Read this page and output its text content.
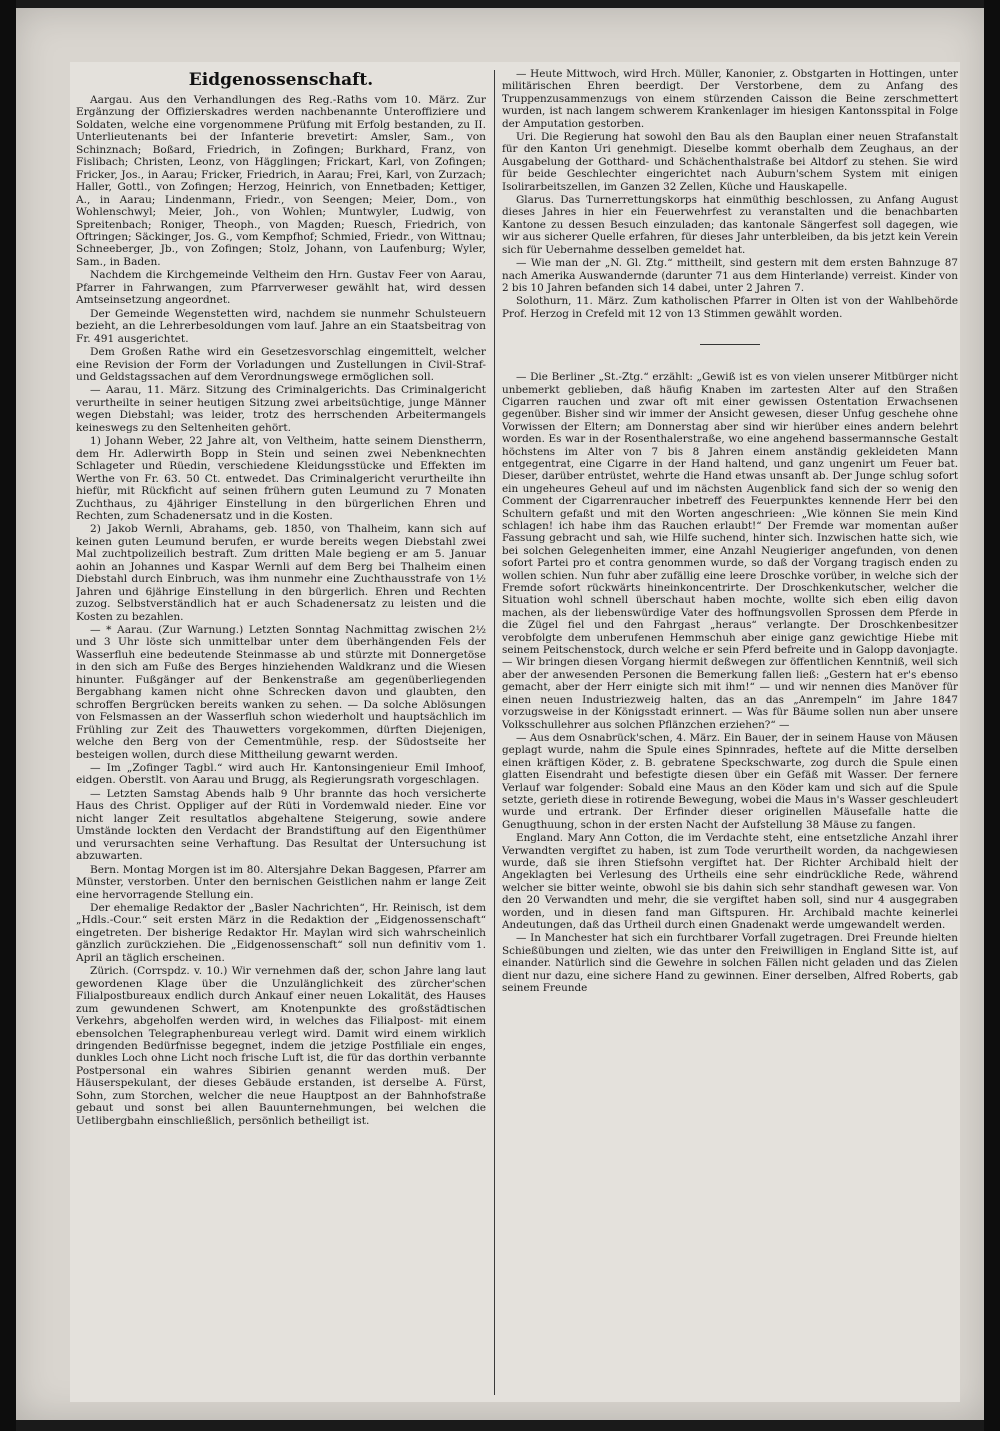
Eidgenossenschaft.

Aargau. Aus den Verhandlungen des Reg.-Raths vom 10. März. Zur Ergänzung der Offizierskadres werden nachbenannte Unteroffiziere und Soldaten, welche eine vorgenommene Prüfung mit Erfolg bestanden, zu II. Unterlieutenants bei der Infanterie brevetirt: Amsler, Sam., von Schinznach; Boßard, Friedrich, in Zofingen; Burkhard, Franz, von Fislibach; Christen, Leonz, von Hägglingen; Frickart, Karl, von Zofingen; Fricker, Jos., in Aarau; Fricker, Friedrich, in Aarau; Frei, Karl, von Zurzach; Haller, Gottl., von Zofingen; Herzog, Heinrich, von Ennetbaden; Kettiger, A., in Aarau; Lindenmann, Friedr., von Seengen; Meier, Dom., von Wohlenschwyl; Meier, Joh., von Wohlen; Muntwyler, Ludwig, von Spreitenbach; Roniger, Theoph., von Magden; Ruesch, Friedrich, von Oftringen; Säckinger, Jos. G., vom Kempfhof; Schmied, Friedr., von Wittnau; Schneeberger, Jb., von Zofingen; Stolz, Johann, von Laufenburg; Wyler, Sam., in Baden.

Nachdem die Kirchgemeinde Veltheim den Hrn. Gustav Feer von Aarau, Pfarrer in Fahrwangen, zum Pfarrverweser gewählt hat, wird dessen Amtseinsetzung angeordnet.

Der Gemeinde Wegenstetten wird, nachdem sie nunmehr Schulsteuern bezieht, an die Lehrerbesoldungen vom lauf. Jahre an ein Staatsbeitrag von Fr. 491 ausgerichtet.

Dem Großen Rathe wird ein Gesetzesvorschlag eingemittelt, welcher eine Revision der Form der Vorladungen und Zustellungen in Civil-Straf- und Geldstagssachen auf dem Verordnungswege ermöglichen soll.

— Aarau, 11. März. Sitzung des Criminalgerichts. Das Criminalgericht verurtheilte in seiner heutigen Sitzung zwei arbeitsüchtige, junge Männer wegen Diebstahl; was leider, trotz des herrschenden Arbeitermangels keineswegs zu den Seltenheiten gehört.

1) Johann Weber, 22 Jahre alt, von Veltheim, hatte seinem Dienstherrn, dem Hr. Adlerwirth Bopp in Stein und seinen zwei Nebenknechten Schlageter und Rüedin, verschiedene Kleidungsstücke und Effekten im Werthe von Fr. 63. 50 Ct. entwedet. Das Criminalgericht verurtheilte ihn hiefür, mit Rückficht auf seinen frühern guten Leumund zu 7 Monaten Zuchthaus, zu 4jähriger Einstellung in den bürgerlichen Ehren und Rechten, zum Schadenersatz und in die Kosten.

2) Jakob Wernli, Abrahams, geb. 1850, von Thalheim, kann sich auf keinen guten Leumund berufen, er wurde bereits wegen Diebstahl zwei Mal zuchtpolizeilich bestraft. Zum dritten Male begieng er am 5. Januar aohin an Johannes und Kaspar Wernli auf dem Berg bei Thalheim einen Diebstahl durch Einbruch, was ihm nunmehr eine Zuchthausstrafe von 1½ Jahren und 6jährige Einstellung in den bürgerlich. Ehren und Rechten zuzog. Selbstverständlich hat er auch Schadenersatz zu leisten und die Kosten zu bezahlen.

— * Aarau. (Zur Warnung.) Letzten Sonntag Nachmittag zwischen 2½ und 3 Uhr löste sich unmittelbar unter dem überhängenden Fels der Wasserfluh eine bedeutende Steinmasse ab und stürzte mit Donnergetöse in den sich am Fuße des Berges hinziehenden Waldkranz und die Wiesen hinunter. Fußgänger auf der Benkenstraße am gegenüberliegenden Bergabhang kamen nicht ohne Schrecken davon und glaubten, den schroffen Bergrücken bereits wanken zu sehen. — Da solche Ablösungen von Felsmassen an der Wasserfluh schon wiederholt und hauptsächlich im Frühling zur Zeit des Thauwetters vorgekommen, dürften Diejenigen, welche den Berg von der Cementmühle, resp. der Südostseite her besteigen wollen, durch diese Mittheilung gewarnt werden.

— Im „Zofinger Tagbl.“ wird auch Hr. Kantonsingenieur Emil Imhoof, eidgen. Oberstlt. von Aarau und Brugg, als Regierungsrath vorgeschlagen.

— Letzten Samstag Abends halb 9 Uhr brannte das hoch versicherte Haus des Christ. Oppliger auf der Rüti in Vordemwald nieder. Eine vor nicht langer Zeit resultatlos abgehaltene Steigerung, sowie andere Umstände lockten den Verdacht der Brandstiftung auf den Eigenthümer und verursachten seine Verhaftung. Das Resultat der Untersuchung ist abzuwarten.

Bern. Montag Morgen ist im 80. Altersjahre Dekan Baggesen, Pfarrer am Münster, verstorben. Unter den bernischen Geistlichen nahm er lange Zeit eine hervorragende Stellung ein.

Der ehemalige Redaktor der „Basler Nachrichten“, Hr. Reinisch, ist dem „Hdls.-Cour.“ seit ersten März in die Redaktion der „Eidgenossenschaft“ eingetreten. Der bisherige Redaktor Hr. Maylan wird sich wahrscheinlich gänzlich zurückziehen. Die „Eidgenossenschaft“ soll nun definitiv vom 1. April an täglich erscheinen.

Zürich. (Corrspdz. v. 10.) Wir vernehmen daß der, schon Jahre lang laut gewordenen Klage über die Unzulänglichkeit des zürcher'schen Filialpostbureaux endlich durch Ankauf einer neuen Lokalität, des Hauses zum gewundenen Schwert, am Knotenpunkte des großstädtischen Verkehrs, abgeholfen werden wird, in welches das Filialpost- mit einem ebensolchen Telegraphenbureau verlegt wird. Damit wird einem wirklich dringenden Bedürfnisse begegnet, indem die jetzige Postfiliale ein enges, dunkles Loch ohne Licht noch frische Luft ist, die für das dorthin verbannte Postpersonal ein wahres Sibirien genannt werden muß. Der Häuserspekulant, der dieses Gebäude erstanden, ist derselbe A. Fürst, Sohn, zum Storchen, welcher die neue Hauptpost an der Bahnhofstraße gebaut und sonst bei allen Bauunternehmungen, bei welchen die Uetlibergbahn einschließlich, persönlich betheiligt ist.

— Heute Mittwoch, wird Hrch. Müller, Kanonier, z. Obstgarten in Hottingen, unter militärischen Ehren beerdigt. Der Verstorbene, dem zu Anfang des Truppenzusammenzugs von einem stürzenden Caisson die Beine zerschmettert wurden, ist nach langem schwerem Krankenlager im hiesigen Kantonsspital in Folge der Amputation gestorben.

Uri. Die Regierung hat sowohl den Bau als den Bauplan einer neuen Strafanstalt für den Kanton Uri genehmigt. Dieselbe kommt oberhalb dem Zeughaus, an der Ausgabelung der Gotthard- und Schächenthalstraße bei Altdorf zu stehen. Sie wird für beide Geschlechter eingerichtet nach Auburn'schem System mit einigen Isolirarbeitszellen, im Ganzen 32 Zellen, Küche und Hauskapelle.

Glarus. Das Turnerrettungskorps hat einmüthig beschlossen, zu Anfang August dieses Jahres in hier ein Feuerwehrfest zu veranstalten und die benachbarten Kantone zu dessen Besuch einzuladen; das kantonale Sängerfest soll dagegen, wie wir aus sicherer Quelle erfahren, für dieses Jahr unterbleiben, da bis jetzt kein Verein sich für Uebernahme desselben gemeldet hat.

— Wie man der „N. Gl. Ztg.“ mittheilt, sind gestern mit dem ersten Bahnzuge 87 nach Amerika Auswandernde (darunter 71 aus dem Hinterlande) verreist. Kinder von 2 bis 10 Jahren befanden sich 14 dabei, unter 2 Jahren 7.

Solothurn, 11. März. Zum katholischen Pfarrer in Olten ist von der Wahlbehörde Prof. Herzog in Crefeld mit 12 von 13 Stimmen gewählt worden.

— Die Berliner „St.-Ztg.“ erzählt: „Gewiß ist es von vielen unserer Mitbürger nicht unbemerkt geblieben, daß häufig Knaben im zartesten Alter auf den Straßen Cigarren rauchen und zwar oft mit einer gewissen Ostentation Erwachsenen gegenüber. Bisher sind wir immer der Ansicht gewesen, dieser Unfug geschehe ohne Vorwissen der Eltern; am Donnerstag aber sind wir hierüber eines andern belehrt worden. Es war in der Rosenthalerstraße, wo eine angehend bassermannsche Gestalt höchstens im Alter von 7 bis 8 Jahren einem anständig gekleideten Mann entgegentrat, eine Cigarre in der Hand haltend, und ganz ungenirt um Feuer bat. Dieser, darüber entrüstet, wehrte die Hand etwas unsanft ab. Der Junge schlug sofort ein ungeheures Geheul auf und im nächsten Augenblick fand sich der so wenig den Comment der Cigarrenraucher inbetreff des Feuerpunktes kennende Herr bei den Schultern gefaßt und mit den Worten angeschrieen: „Wie können Sie mein Kind schlagen! ich habe ihm das Rauchen erlaubt!“ Der Fremde war momentan außer Fassung gebracht und sah, wie Hilfe suchend, hinter sich. Inzwischen hatte sich, wie bei solchen Gelegenheiten immer, eine Anzahl Neugieriger angefunden, von denen sofort Partei pro et contra genommen wurde, so daß der Vorgang tragisch enden zu wollen schien. Nun fuhr aber zufällig eine leere Droschke vorüber, in welche sich der Fremde sofort rückwärts hineinkoncentrirte. Der Droschkenkutscher, welcher die Situation wohl schnell überschaut haben mochte, wollte sich eben eilig davon machen, als der liebenswürdige Vater des hoffnungsvollen Sprossen dem Pferde in die Zügel fiel und den Fahrgast „heraus“ verlangte. Der Droschkenbesitzer verobfolgte dem unberufenen Hemmschuh aber einige ganz gewichtige Hiebe mit seinem Peitschenstock, durch welche er sein Pferd befreite und in Galopp davonjagte. — Wir bringen diesen Vorgang hiermit deßwegen zur öffentlichen Kenntniß, weil sich aber der anwesenden Personen die Bemerkung fallen ließ: „Gestern hat er's ebenso gemacht, aber der Herr einigte sich mit ihm!“ — und wir nennen dies Manöver für einen neuen Industriezweig halten, das an das „Anrempeln“ im Jahre 1847 vorzugsweise in der Königsstadt erinnert. — Was für Bäume sollen nun aber unsere Volksschullehrer aus solchen Pflänzchen erziehen?“ —

— Aus dem Osnabrück'schen, 4. März. Ein Bauer, der in seinem Hause von Mäusen geplagt wurde, nahm die Spule eines Spinnrades, heftete auf die Mitte derselben einen kräftigen Köder, z. B. gebratene Speckschwarte, zog durch die Spule einen glatten Eisendraht und befestigte diesen über ein Gefäß mit Wasser. Der fernere Verlauf war folgender: Sobald eine Maus an den Köder kam und sich auf die Spule setzte, gerieth diese in rotirende Bewegung, wobei die Maus in's Wasser geschleudert wurde und ertrank. Der Erfinder dieser originellen Mäusefalle hatte die Genugthuung, schon in der ersten Nacht der Aufstellung 38 Mäuse zu fangen.

England. Mary Ann Cotton, die im Verdachte steht, eine entsetzliche Anzahl ihrer Verwandten vergiftet zu haben, ist zum Tode verurtheilt worden, da nachgewiesen wurde, daß sie ihren Stiefsohn vergiftet hat. Der Richter Archibald hielt der Angeklagten bei Verlesung des Urtheils eine sehr eindrückliche Rede, während welcher sie bitter weinte, obwohl sie bis dahin sich sehr standhaft gewesen war. Von den 20 Verwandten und mehr, die sie vergiftet haben soll, sind nur 4 ausgegraben worden, und in diesen fand man Giftspuren. Hr. Archibald machte keinerlei Andeutungen, daß das Urtheil durch einen Gnadenakt werde umgewandelt werden.

— In Manchester hat sich ein furchtbarer Vorfall zugetragen. Drei Freunde hielten Schießübungen und zielten, wie das unter den Freiwilligen in England Sitte ist, auf einander. Natürlich sind die Gewehre in solchen Fällen nicht geladen und das Zielen dient nur dazu, eine sichere Hand zu gewinnen. Einer derselben, Alfred Roberts, gab seinem Freunde
